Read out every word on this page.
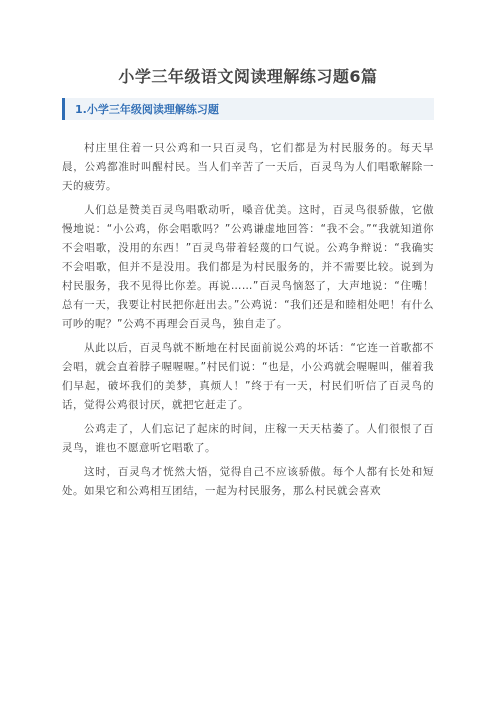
小学三年级语文阅读理解练习题6篇
1.小学三年级阅读理解练习题

村庄里住着一只公鸡和一只百灵鸟，它们都是为村民服务的。每天早晨，公鸡都准时叫醒村民。当人们辛苦了一天后，百灵鸟为人们唱歌解除一天的疲劳。

人们总是赞美百灵鸟唱歌动听，嗓音优美。这时，百灵鸟很骄傲，它傲慢地说：“小公鸡，你会唱歌吗？”公鸡谦虚地回答：“我不会。”“我就知道你不会唱歌，没用的东西！”百灵鸟带着轻蔑的口气说。公鸡争辩说：“我确实不会唱歌，但并不是没用。我们都是为村民服务的，并不需要比较。说到为村民服务，我不见得比你差。再说……”百灵鸟恼怒了，大声地说：“住嘴！总有一天，我要让村民把你赶出去。”公鸡说：“我们还是和睦相处吧！有什么可吵的呢？”公鸡不再理会百灵鸟，独自走了。

从此以后，百灵鸟就不断地在村民面前说公鸡的坏话：“它连一首歌都不会唱，就会直着脖子喔喔喔。”村民们说：“也是，小公鸡就会喔喔叫，催着我们早起，破坏我们的美梦，真烦人！”终于有一天，村民们听信了百灵鸟的话，觉得公鸡很讨厌，就把它赶走了。

公鸡走了，人们忘记了起床的时间，庄稼一天天枯萎了。人们很恨了百灵鸟，谁也不愿意听它唱歌了。

这时，百灵鸟才恍然大悟，觉得自己不应该骄傲。每个人都有长处和短处。如果它和公鸡相互团结，一起为村民服务，那么村民就会喜欢
